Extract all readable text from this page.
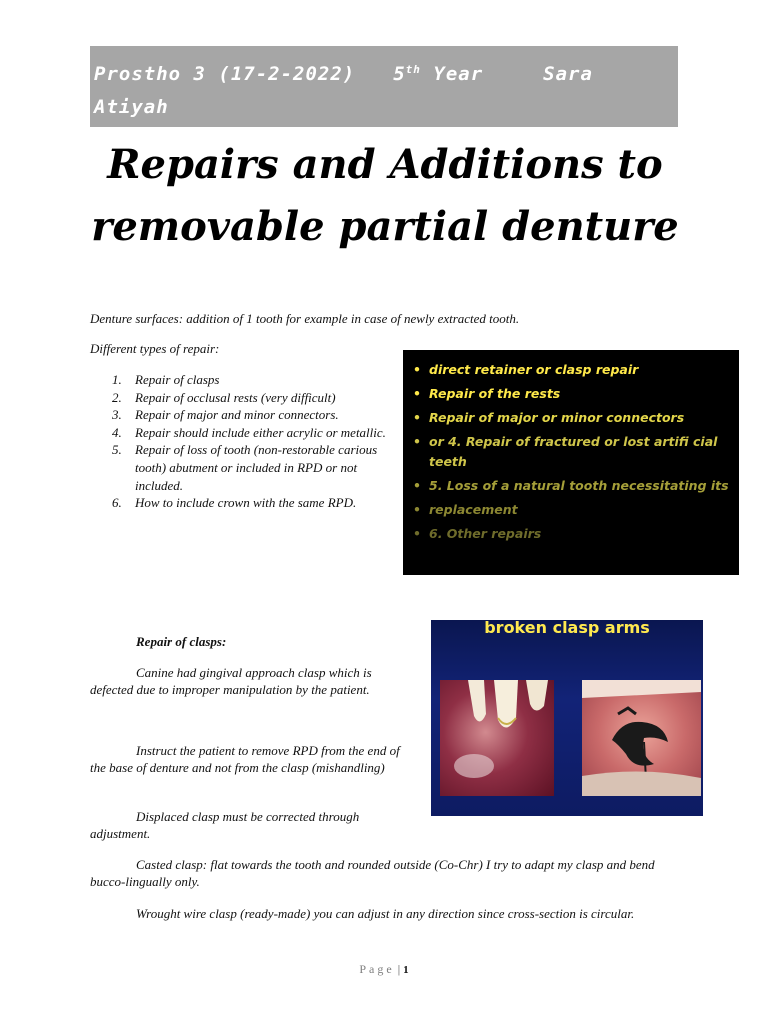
Prostho 3 (17-2-2022) 5th Year	Sara
Atiyah
Repairs and Additions to
removable partial denture

Denture surfaces: addition of 1 tooth for example in case of newly extracted tooth.

Different types of repair:

1. Repair of clasps
2. Repair of occlusal rests (very difficult)
3. Repair of major and minor connectors.
4. Repair should include either acrylic or metallic.
5. Repair of loss of tooth (non-restorable carious tooth) abutment or included in RPD or not included.
6. How to include crown with the same RPD.
• direct retainer or clasp repair
• Repair of the rests
• Repair of major or minor connectors
• or 4. Repair of fractured or lost artifi cial teeth
• 5. Loss of a natural tooth necessitating its
• replacement
• 6. Other repairs

Repair of clasps:

Canine had gingival approach clasp which is defected due to improper manipulation by the patient.

Instruct the patient to remove RPD from the end of the base of denture and not from the clasp (mishandling)

Displaced clasp must be corrected through adjustment.

Casted clasp: flat towards the tooth and rounded outside (Co-Chr) I try to adapt my clasp and bend bucco-lingually only.

Wrought wire clasp (ready-made) you can adjust in any direction since cross-section is circular.

broken clasp arms
Page | 1
